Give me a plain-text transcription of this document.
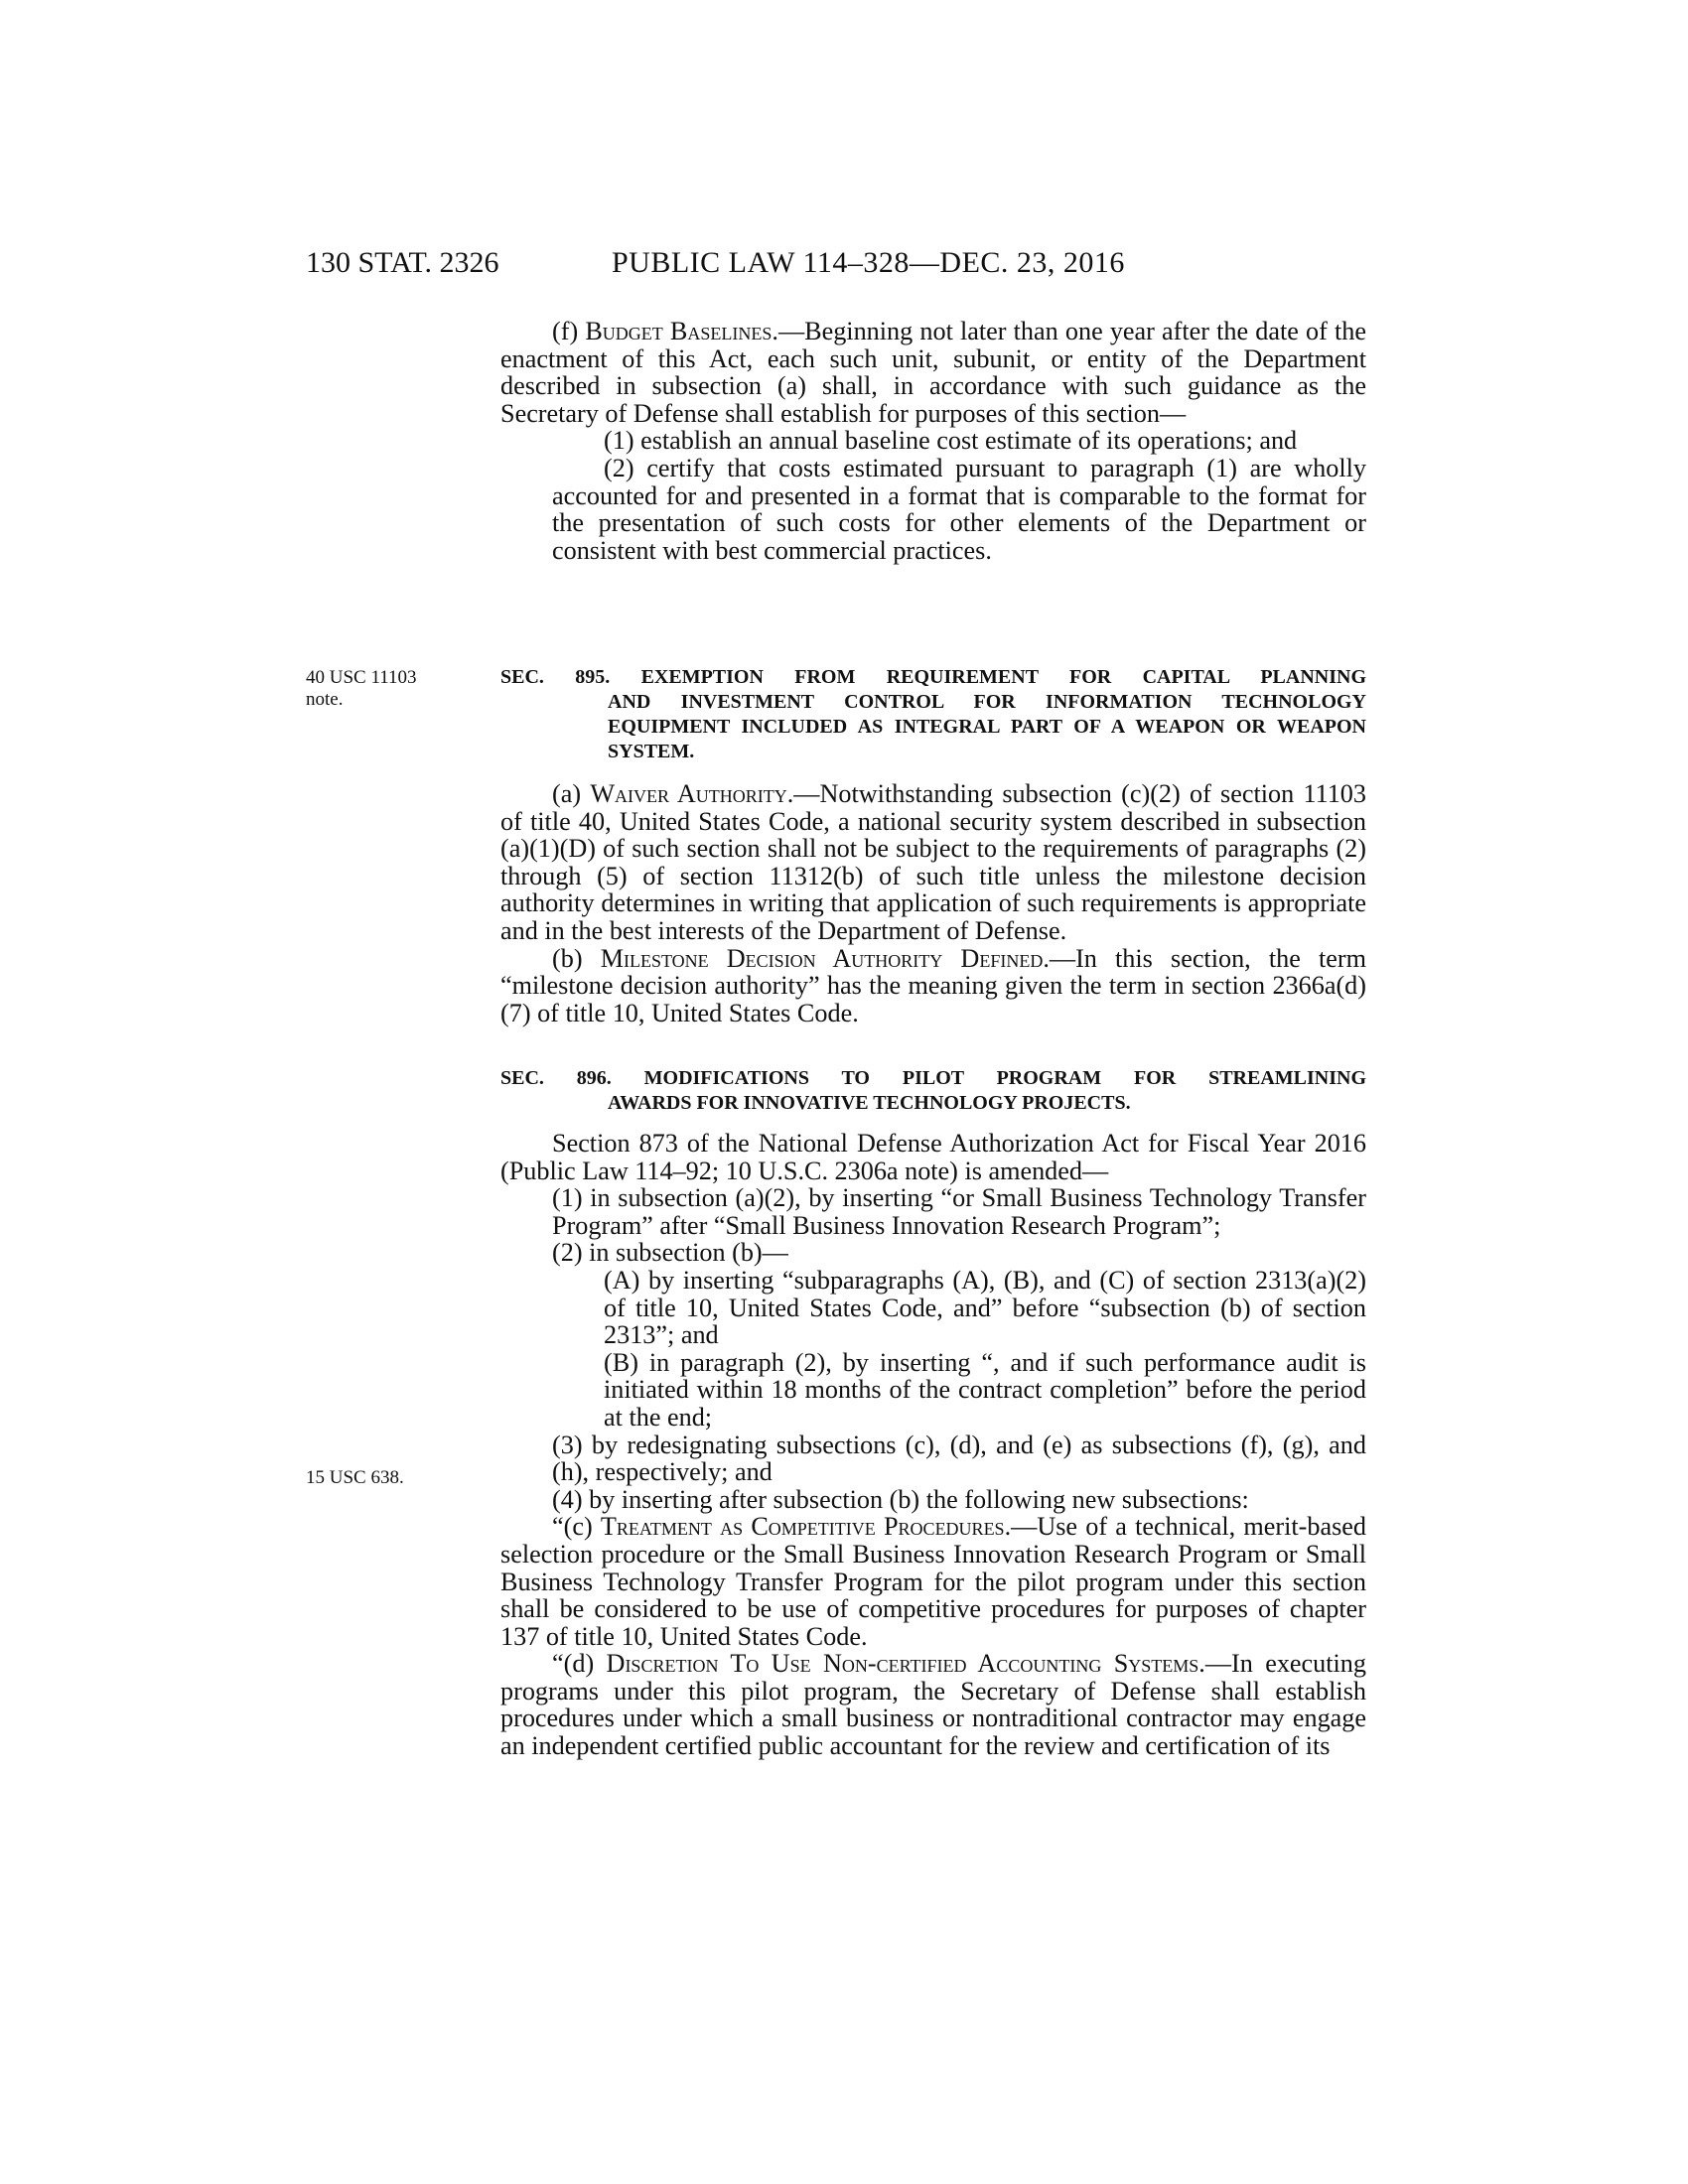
130 STAT. 2326	PUBLIC LAW 114–328—DEC. 23, 2016

(f) Budget Baselines.—Beginning not later than one year after the date of the enactment of this Act, each such unit, subunit, or entity of the Department described in subsection (a) shall, in accordance with such guidance as the Secretary of Defense shall establish for purposes of this section—

(1) establish an annual baseline cost estimate of its operations; and

(2) certify that costs estimated pursuant to paragraph (1) are wholly accounted for and presented in a format that is comparable to the format for the presentation of such costs for other elements of the Department or consistent with best commercial practices.

40 USC 11103
note.
SEC. 895. EXEMPTION FROM REQUIREMENT FOR CAPITAL PLANNING
AND INVESTMENT CONTROL FOR INFORMATION TECHNOLOGY EQUIPMENT INCLUDED AS INTEGRAL PART OF A WEAPON OR WEAPON SYSTEM.

(a) Waiver Authority.—Notwithstanding subsection (c)(2) of section 11103 of title 40, United States Code, a national security system described in subsection (a)(1)(D) of such section shall not be subject to the requirements of paragraphs (2) through (5) of section 11312(b) of such title unless the milestone decision authority determines in writing that application of such requirements is appropriate and in the best interests of the Department of Defense.

(b) Milestone Decision Authority Defined.—In this section, the term “milestone decision authority” has the meaning given the term in section 2366a(d)(7) of title 10, United States Code.

SEC. 896. MODIFICATIONS TO PILOT PROGRAM FOR STREAMLINING
AWARDS FOR INNOVATIVE TECHNOLOGY PROJECTS.
15 USC 638.

Section 873 of the National Defense Authorization Act for Fiscal Year 2016 (Public Law 114–92; 10 U.S.C. 2306a note) is amended—

(1) in subsection (a)(2), by inserting “or Small Business Technology Transfer Program” after “Small Business Innovation Research Program”;

(2) in subsection (b)—

(A) by inserting “subparagraphs (A), (B), and (C) of section 2313(a)(2) of title 10, United States Code, and” before “subsection (b) of section 2313”; and

(B) in paragraph (2), by inserting “, and if such performance audit is initiated within 18 months of the contract completion” before the period at the end;

(3) by redesignating subsections (c), (d), and (e) as subsections (f), (g), and (h), respectively; and

(4) by inserting after subsection (b) the following new subsections:

“(c) Treatment as Competitive Procedures.—Use of a technical, merit-based selection procedure or the Small Business Innovation Research Program or Small Business Technology Transfer Program for the pilot program under this section shall be considered to be use of competitive procedures for purposes of chapter 137 of title 10, United States Code.

“(d) Discretion To Use Non-certified Accounting Systems.—In executing programs under this pilot program, the Secretary of Defense shall establish procedures under which a small business or nontraditional contractor may engage an independent certified public accountant for the review and certification of its
